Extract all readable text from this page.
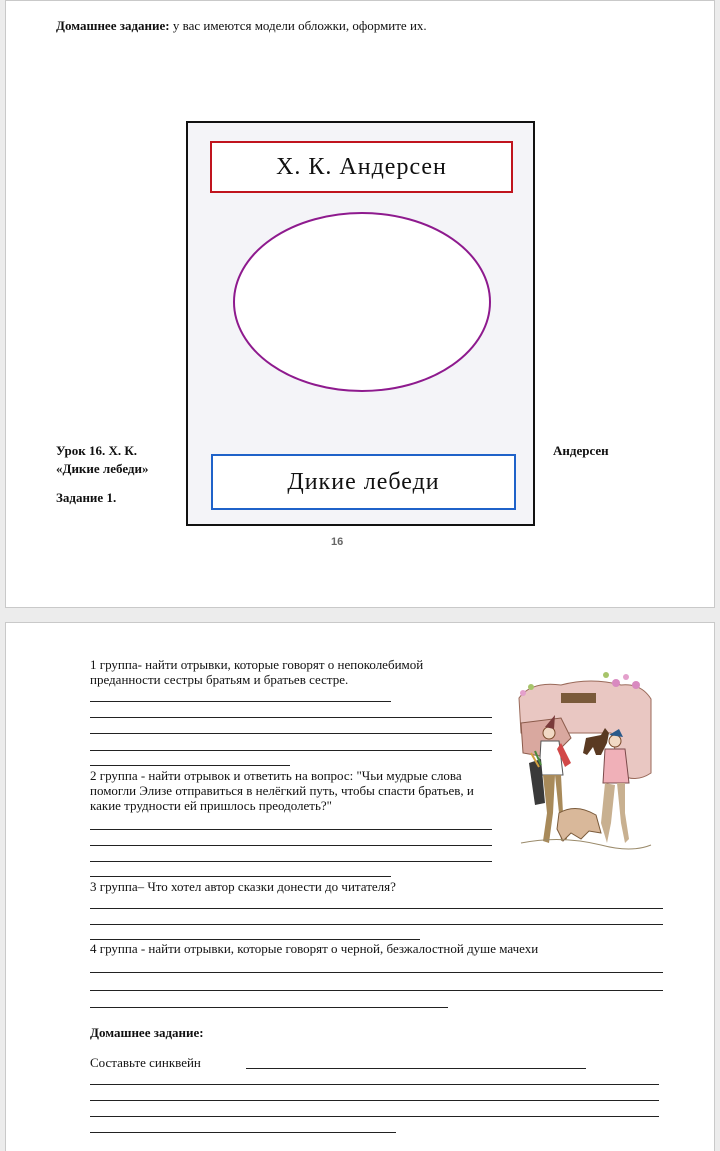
Домашнее задание: у вас имеются модели обложки, оформите их.
Х. К. Андерсен
Дикие лебеди
Урок 16. Х. К.
«Дикие лебеди»
Андерсен
Задание 1.
16
1 группа- найти отрывки, которые говорят о непоколебимой преданности сестры братьям и братьев сестре.
2 группа - найти отрывок и ответить на вопрос: "Чьи мудрые слова помогли Элизе отправиться в нелёгкий путь, чтобы спасти братьев, и какие трудности ей пришлось преодолеть?"
3 группа– Что хотел автор сказки донести до читателя?
4 группа - найти отрывки, которые говорят о черной, безжалостной душе мачехи
Домашнее задание:
Составьте синквейн
